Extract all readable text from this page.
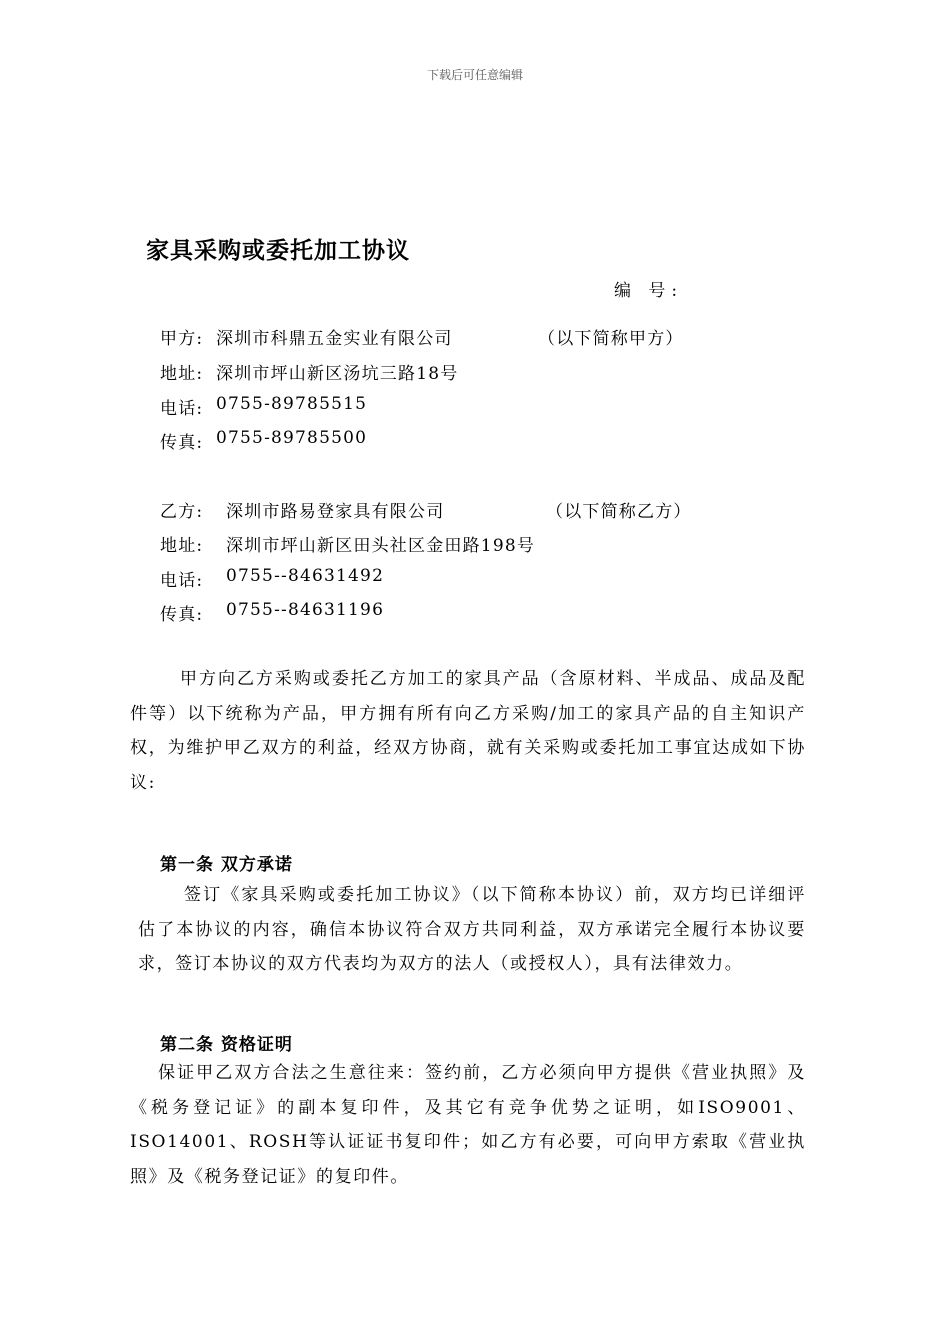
下载后可任意编辑
家具采购或委托加工协议
编 号:
甲方: 深圳市科鼎五金实业有限公司	（以下简称甲方）
地址: 深圳市坪山新区汤坑三路18号
电话: 0755-89785515
传真: 0755-89785500
乙方: 深圳市路易登家具有限公司	（以下简称乙方）
地址: 深圳市坪山新区田头社区金田路198号
电话: 0755--84631492
传真: 0755--84631196
甲方向乙方采购或委托乙方加工的家具产品（含原材料、半成品、成品及配件等）以下统称为产品，甲方拥有所有向乙方采购/加工的家具产品的自主知识产权，为维护甲乙双方的利益，经双方协商，就有关采购或委托加工事宜达成如下协议:
第一条 双方承诺
签订《家具采购或委托加工协议》（以下简称本协议）前，双方均已详细评估了本协议的内容，确信本协议符合双方共同利益，双方承诺完全履行本协议要求，签订本协议的双方代表均为双方的法人（或授权人），具有法律效力。
第二条 资格证明
保证甲乙双方合法之生意往来：签约前，乙方必须向甲方提供《营业执照》及《税务登记证》的副本复印件，及其它有竞争优势之证明，如ISO9001、ISO14001、ROSH等认证证书复印件；如乙方有必要，可向甲方索取《营业执照》及《税务登记证》的复印件。
